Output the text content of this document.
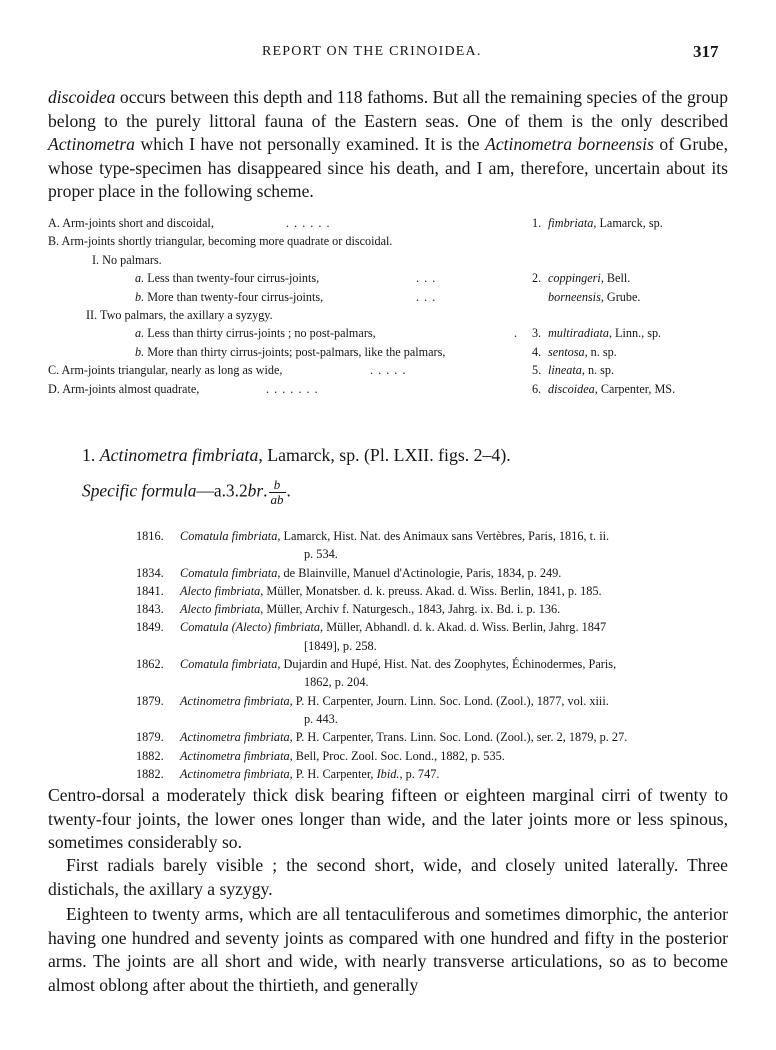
REPORT ON THE CRINOIDEA.	317

discoidea occurs between this depth and 118 fathoms. But all the remaining species of the group belong to the purely littoral fauna of the Eastern seas. One of them is the only described Actinometra which I have not personally examined. It is the Actinometra borneensis of Grube, whose type-specimen has disappeared since his death, and I am, therefore, uncertain about its proper place in the following scheme.

A. Arm-joints short and discoidal,	. . . . . .	1. fimbriata, Lamarck, sp.
B. Arm-joints shortly triangular, becoming more quadrate or discoidal.
I. No palmars.
a. Less than twenty-four cirrus-joints,	. . .	2. coppingeri, Bell.
b. More than twenty-four cirrus-joints,	. . .	borneensis, Grube.
II. Two palmars, the axillary a syzygy.
a. Less than thirty cirrus-joints ; no post-palmars,	. 3. multiradiata, Linn., sp.
b. More than thirty cirrus-joints; post-palmars, like the palmars,	4. sentosa, n. sp.
C. Arm-joints triangular, nearly as long as wide,	. . . . .	5. lineata, n. sp.
D. Arm-joints almost quadrate,	. . . . . . .	6. discoidea, Carpenter, MS.
1. Actinometra fimbriata, Lamarck, sp. (Pl. LXII. figs. 2–4).
Specific formula—a.3.2br. $\frac{b}{ab}$ .
1816.	Comatula fimbriata, Lamarck, Hist. Nat. des Animaux sans Vertèbres, Paris, 1816, t. ii.
p. 534.
1834.	Comatula fimbriata, de Blainville, Manuel d'Actinologie, Paris, 1834, p. 249.
1841.	Alecto fimbriata, Müller, Monatsber. d. k. preuss. Akad. d. Wiss. Berlin, 1841, p. 185.
1843.	Alecto fimbriata, Müller, Archiv f. Naturgesch., 1843, Jahrg. ix. Bd. i. p. 136.
1849.	Comatula (Alecto) fimbriata, Müller, Abhandl. d. k. Akad. d. Wiss. Berlin, Jahrg. 1847
[1849], p. 258.
1862.	Comatula fimbriata, Dujardin and Hupé, Hist. Nat. des Zoophytes, Échinodermes, Paris,
1862, p. 204.
1879.	Actinometra fimbriata, P. H. Carpenter, Journ. Linn. Soc. Lond. (Zool.), 1877, vol. xiii.
p. 443.
1879.	Actinometra fimbriata, P. H. Carpenter, Trans. Linn. Soc. Lond. (Zool.), ser. 2, 1879, p. 27.
1882.	Actinometra fimbriata, Bell, Proc. Zool. Soc. Lond., 1882, p. 535.
1882.	Actinometra fimbriata, P. H. Carpenter, Ibid., p. 747.

Centro-dorsal a moderately thick disk bearing fifteen or eighteen marginal cirri of twenty to twenty-four joints, the lower ones longer than wide, and the later joints more or less spinous, sometimes considerably so.

First radials barely visible ; the second short, wide, and closely united laterally. Three distichals, the axillary a syzygy.

Eighteen to twenty arms, which are all tentaculiferous and sometimes dimorphic, the anterior having one hundred and seventy joints as compared with one hundred and fifty in the posterior arms. The joints are all short and wide, with nearly transverse articulations, so as to become almost oblong after about the thirtieth, and generally
